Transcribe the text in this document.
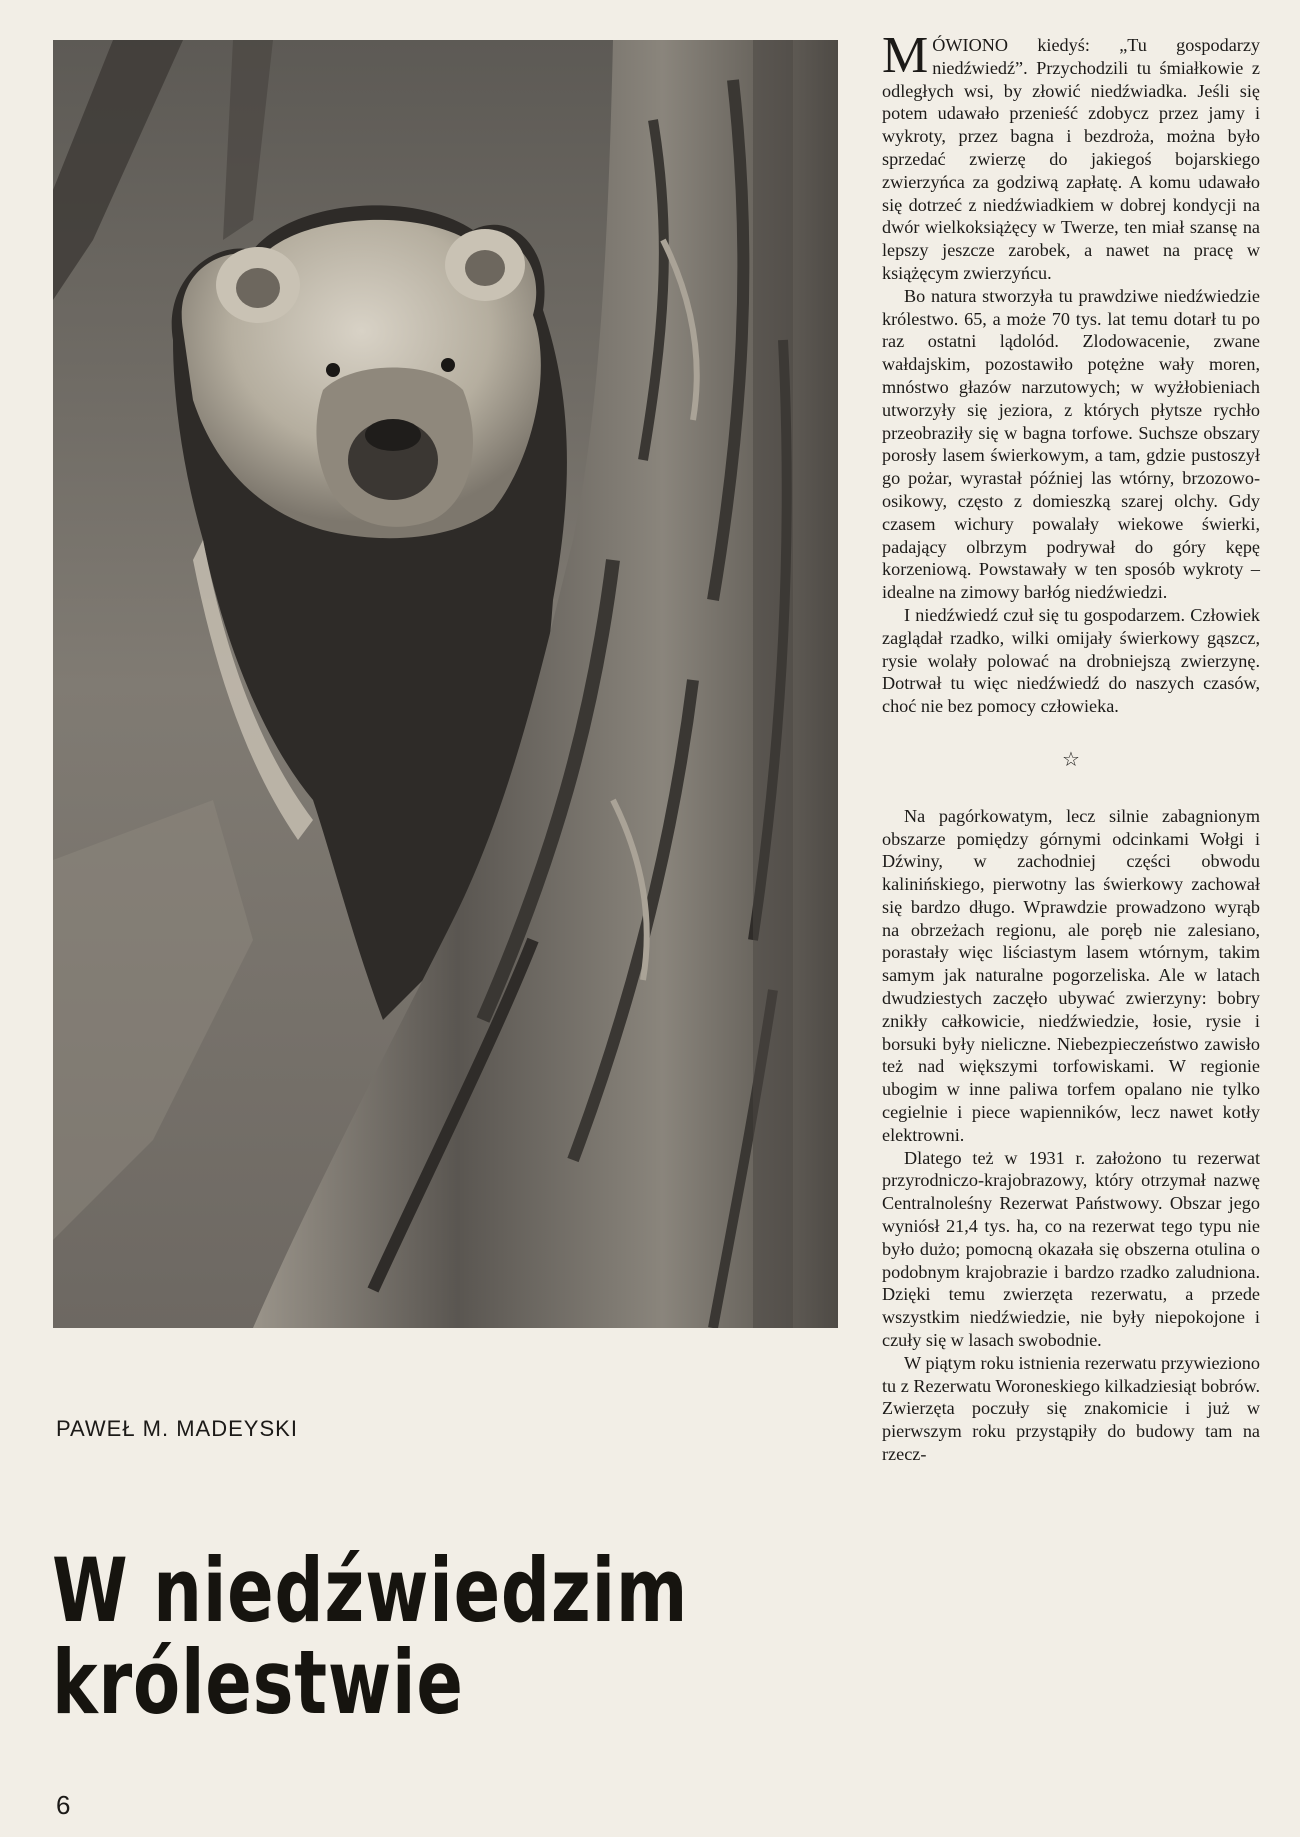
PAWEŁ M. MADEYSKI
W niedźwiedzim
królestwie
6

MÓWIONO kiedyś: „Tu gospodarzy niedźwiedź”. Przychodzili tu śmiałkowie z odległych wsi, by złowić niedźwiadka. Jeśli się potem udawało przenieść zdobycz przez jamy i wykroty, przez bagna i bezdroża, można było sprzedać zwierzę do jakiegoś bojarskiego zwierzyńca za godziwą zapłatę. A komu udawało się dotrzeć z niedźwiadkiem w dobrej kondycji na dwór wielkoksiążęcy w Twerze, ten miał szansę na lepszy jeszcze zarobek, a nawet na pracę w książęcym zwierzyńcu.

Bo natura stworzyła tu prawdziwe niedźwiedzie królestwo. 65, a może 70 tys. lat temu dotarł tu po raz ostatni lądolód. Zlodowacenie, zwane wałdajskim, pozostawiło potężne wały moren, mnóstwo głazów narzutowych; w wyżłobieniach utworzyły się jeziora, z których płytsze rychło przeobraziły się w bagna torfowe. Suchsze obszary porosły lasem świerkowym, a tam, gdzie pustoszył go pożar, wyrastał później las wtórny, brzozowo-osikowy, często z domieszką szarej olchy. Gdy czasem wichury powalały wiekowe świerki, padający olbrzym podrywał do góry kępę korzeniową. Powstawały w ten sposób wykroty – idealne na zimowy barłóg niedźwiedzi.

I niedźwiedź czuł się tu gospodarzem. Człowiek zaglądał rzadko, wilki omijały świerkowy gąszcz, rysie wolały polować na drobniejszą zwierzynę. Dotrwał tu więc niedźwiedź do naszych czasów, choć nie bez pomocy człowieka.

☆

Na pagórkowatym, lecz silnie zabagnionym obszarze pomiędzy górnymi odcinkami Wołgi i Dźwiny, w zachodniej części obwodu kalinińskiego, pierwotny las świerkowy zachował się bardzo długo. Wprawdzie prowadzono wyrąb na obrzeżach regionu, ale poręb nie zalesiano, porastały więc liściastym lasem wtórnym, takim samym jak naturalne pogorzeliska. Ale w latach dwudziestych zaczęło ubywać zwierzyny: bobry znikły całkowicie, niedźwiedzie, łosie, rysie i borsuki były nieliczne. Niebezpieczeństwo zawisło też nad większymi torfowiskami. W regionie ubogim w inne paliwa torfem opalano nie tylko cegielnie i piece wapienników, lecz nawet kotły elektrowni.

Dlatego też w 1931 r. założono tu rezerwat przyrodniczo-krajobrazowy, który otrzymał nazwę Centralnoleśny Rezerwat Państwowy. Obszar jego wyniósł 21,4 tys. ha, co na rezerwat tego typu nie było dużo; pomocną okazała się obszerna otulina o podobnym krajobrazie i bardzo rzadko zaludniona. Dzięki temu zwierzęta rezerwatu, a przede wszystkim niedźwiedzie, nie były niepokojone i czuły się w lasach swobodnie.

W piątym roku istnienia rezerwatu przywieziono tu z Rezerwatu Woroneskiego kilkadziesiąt bobrów. Zwierzęta poczuły się znakomicie i już w pierwszym roku przystąpiły do budowy tam na rzecz-
